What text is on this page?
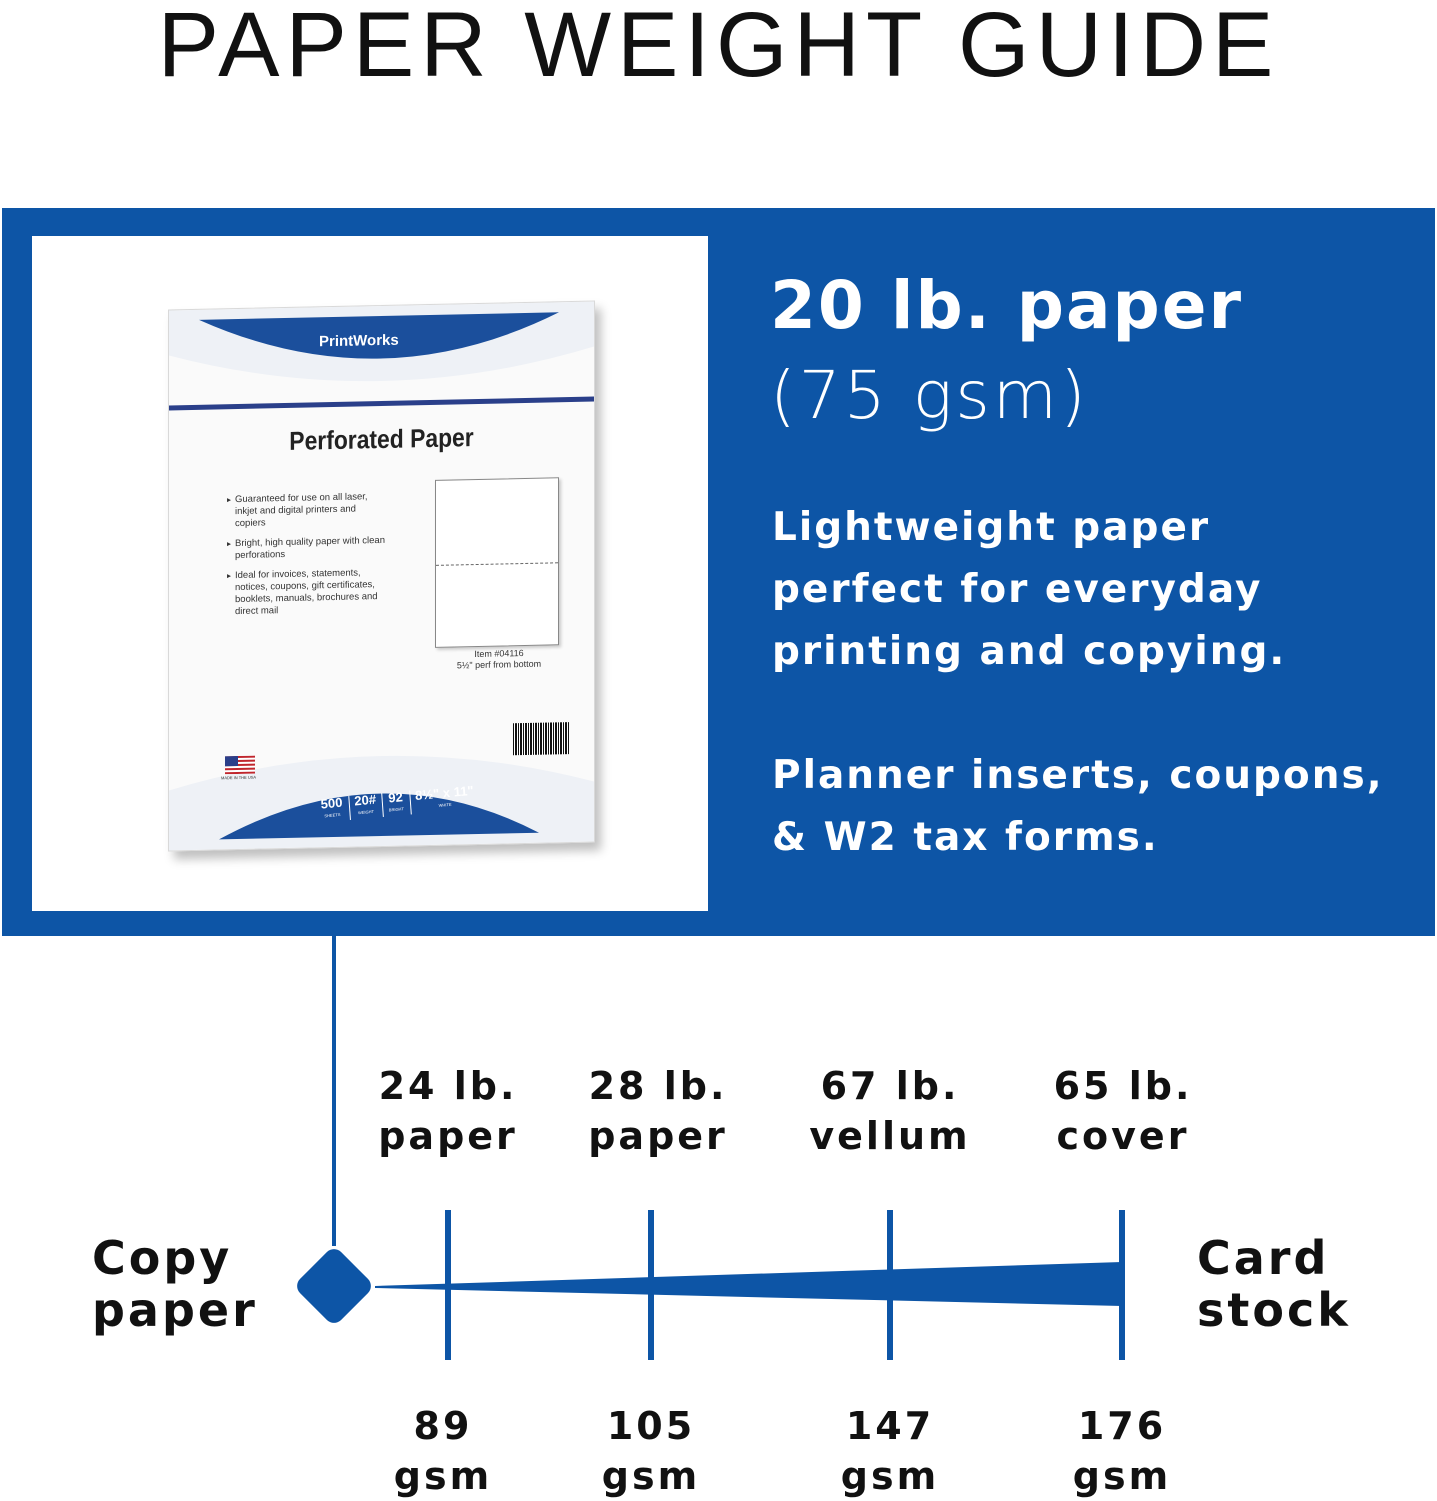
PAPER WEIGHT GUIDE
PrintWorks
Perforated Paper
▸ Guaranteed for use on all laser, inkjet and digital printers and copiers
▸ Bright, high quality paper with clean perforations
▸ Ideal for invoices, statements, notices, coupons, gift certificates, booklets, manuals, brochures and direct mail
Item #04116
5½" perf from bottom
MADE IN THE USA
500
SHEETS
20#
WEIGHT
92
BRIGHT
8½" x 11"
WHITE
20 lb. paper
(75 gsm)
Lightweight paper
perfect for everyday
printing and copying.
Planner inserts, coupons,
& W2 tax forms.
24 lb.
paper
28 lb.
paper
67 lb.
vellum
65 lb.
cover
Copy
paper
Card
stock
89
gsm
105
gsm
147
gsm
176
gsm
